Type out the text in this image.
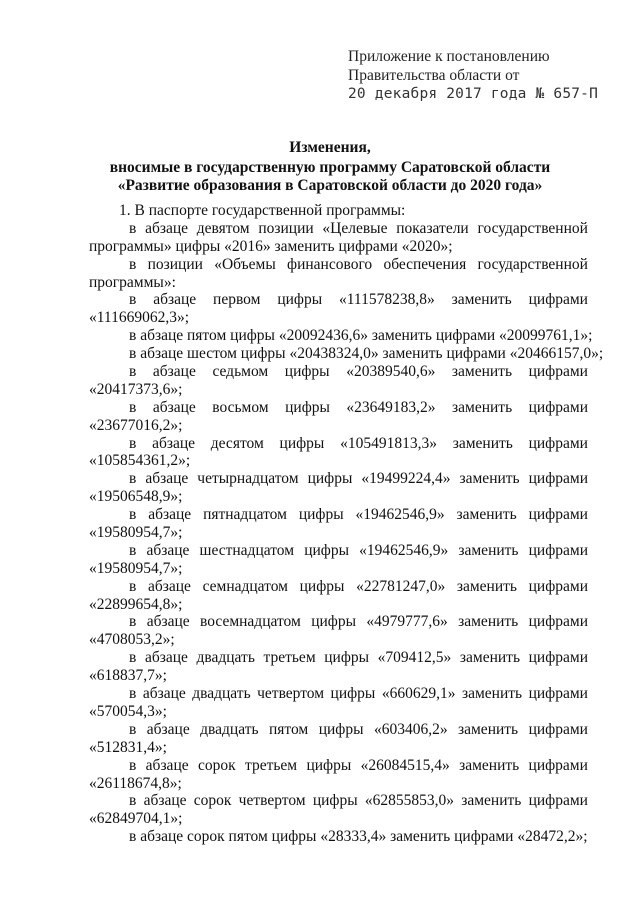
Приложение к постановлению
Правительства области от
20 декабря 2017 года № 657-П
Изменения,
вносимые в государственную программу Саратовской области
«Развитие образования в Саратовской области до 2020 года»
1. В паспорте государственной программы:
в абзаце девятом позиции «Целевые показатели государственной
программы» цифры «2016» заменить цифрами «2020»;
в позиции «Объемы финансового обеспечения государственной
программы»:
в абзаце первом цифры «111578238,8» заменить цифрами
«111669062,3»;
в абзаце пятом цифры «20092436,6» заменить цифрами «20099761,1»;
в абзаце шестом цифры «20438324,0» заменить цифрами «20466157,0»;
в абзаце седьмом цифры «20389540,6» заменить цифрами
«20417373,6»;
в абзаце восьмом цифры «23649183,2» заменить цифрами
«23677016,2»;
в абзаце десятом цифры «105491813,3» заменить цифрами
«105854361,2»;
в абзаце четырнадцатом цифры «19499224,4» заменить цифрами
«19506548,9»;
в абзаце пятнадцатом цифры «19462546,9» заменить цифрами
«19580954,7»;
в абзаце шестнадцатом цифры «19462546,9» заменить цифрами
«19580954,7»;
в абзаце семнадцатом цифры «22781247,0» заменить цифрами
«22899654,8»;
в абзаце восемнадцатом цифры «4979777,6» заменить цифрами
«4708053,2»;
в абзаце двадцать третьем цифры «709412,5» заменить цифрами
«618837,7»;
в абзаце двадцать четвертом цифры «660629,1» заменить цифрами
«570054,3»;
в абзаце двадцать пятом цифры «603406,2» заменить цифрами
«512831,4»;
в абзаце сорок третьем цифры «26084515,4» заменить цифрами
«26118674,8»;
в абзаце сорок четвертом цифры «62855853,0» заменить цифрами
«62849704,1»;
в абзаце сорок пятом цифры «28333,4» заменить цифрами «28472,2»;
